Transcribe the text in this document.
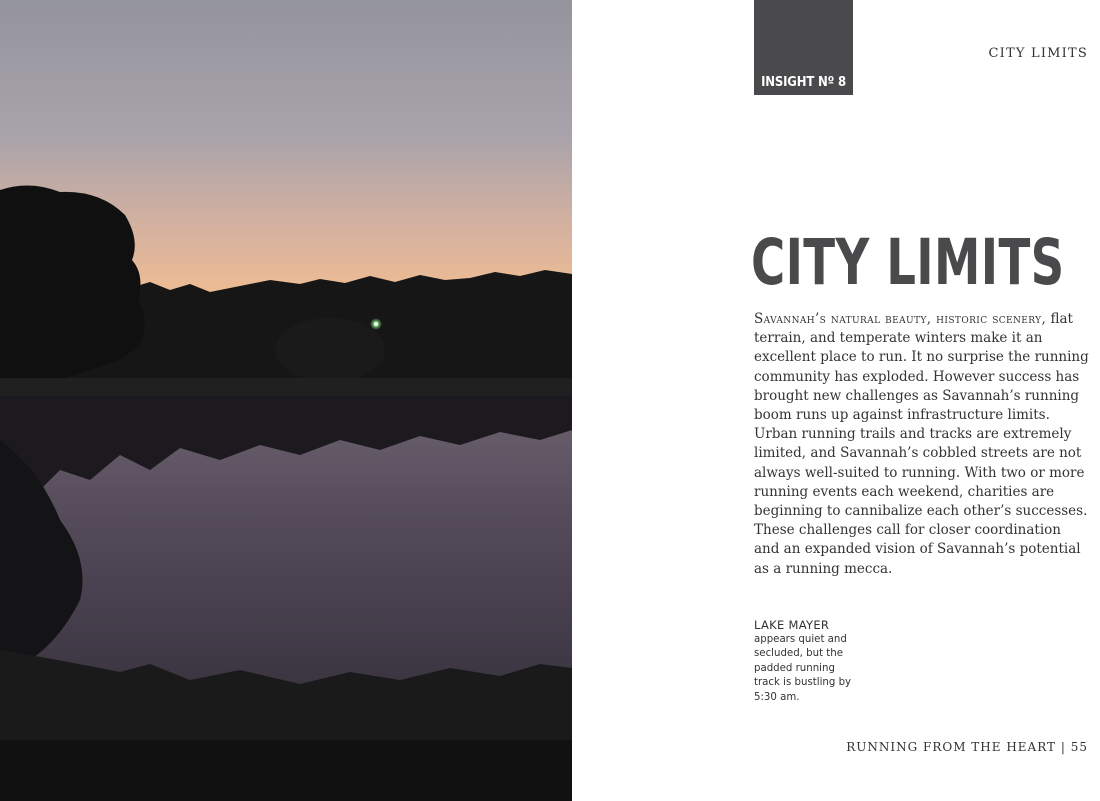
INSIGHT Nº 8
CITY LIMITS
CITY LIMITS

Savannah’s natural beauty, historic scenery, flat terrain, and temperate winters make it an excellent place to run. It no surprise the running community has exploded. However success has brought new challenges as Savannah’s running boom runs up against infrastructure limits. Urban running trails and tracks are extremely limited, and Savannah’s cobbled streets are not always well-suited to running. With two or more running events each weekend, charities are beginning to cannibalize each other’s successes. These challenges call for closer coordination and an expanded vision of Savannah’s potential as a running mecca.

LAKE MAYER
appears quiet and secluded, but the padded running track is bustling by 5:30 am.
RUNNING FROM THE HEART | 55
